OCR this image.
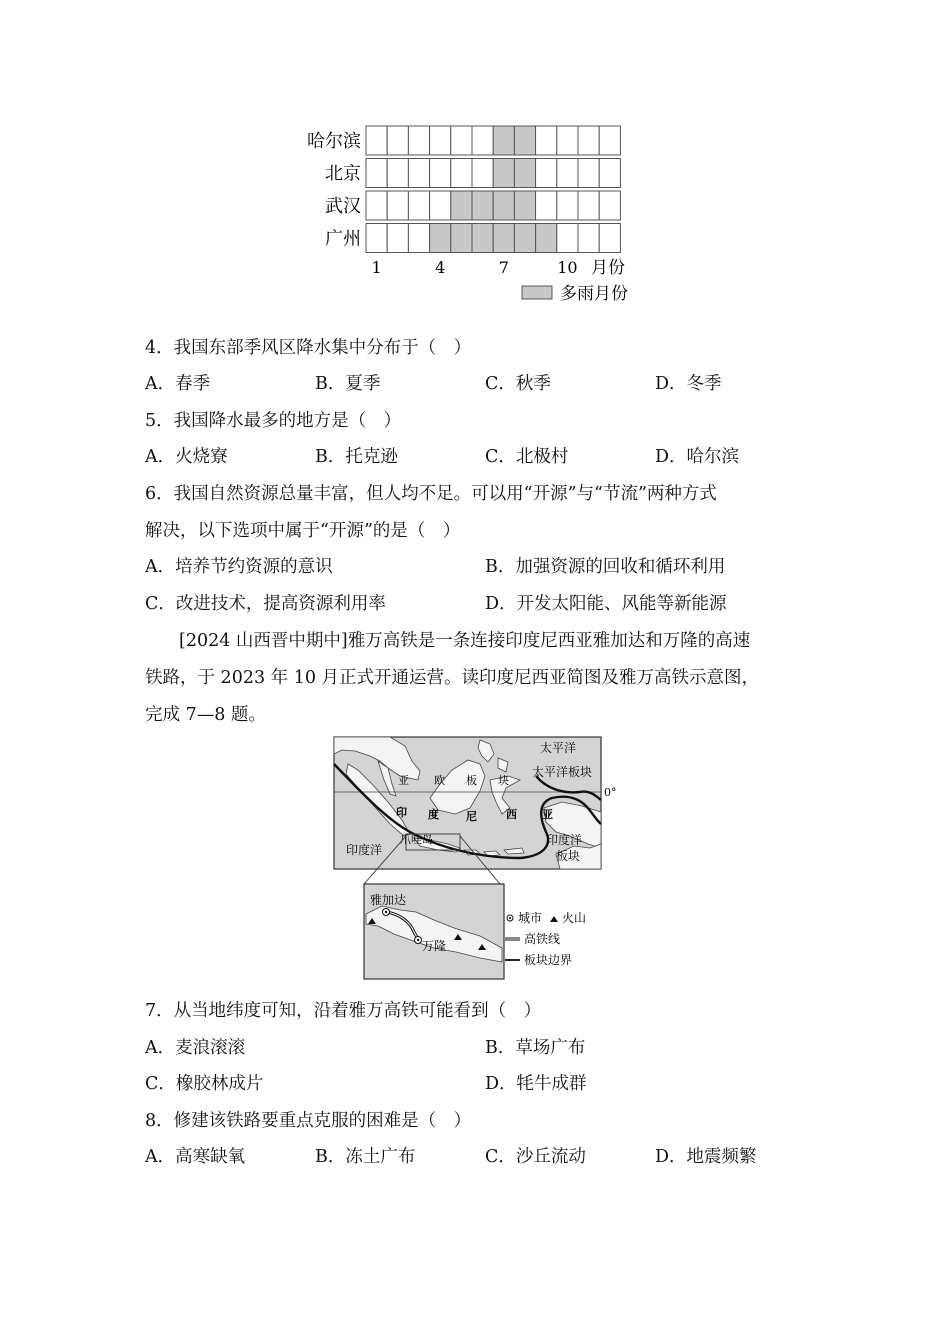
哈尔滨
北京
武汉
广州
1	4	7	10 月份
多雨月份
4．我国东部季风区降水集中分布于（　）
A．春季	B．夏季	C．秋季	D．冬季
5．我国降水最多的地方是（　）
A．火烧寮	B．托克逊	C．北极村	D．哈尔滨
6．我国自然资源总量丰富，但人均不足。可以用“开源”与“节流”两种方式
解决，以下选项中属于“开源”的是（　）
A．培养节约资源的意识	B．加强资源的回收和循环利用
C．改进技术，提高资源利用率	D．开发太阳能、风能等新能源
[2024 山西晋中期中]雅万高铁是一条连接印度尼西亚雅加达和万隆的高速
铁路，于 2023 年 10 月正式开通运营。读印度尼西亚简图及雅万高铁示意图，
完成 7—8 题。
太平洋
太平洋板块
0°
亚 欧 板 块
印 度 尼	西 亚
爪哇岛
印度洋
印度洋
板块
雅加达
万隆
城市 火山
高铁线
板块边界
7．从当地纬度可知，沿着雅万高铁可能看到（　）
A．麦浪滚滚	B．草场广布
C．橡胶林成片	D．牦牛成群
8．修建该铁路要重点克服的困难是（　）
A．高寒缺氧	B．冻土广布	C．沙丘流动	D．地震频繁
